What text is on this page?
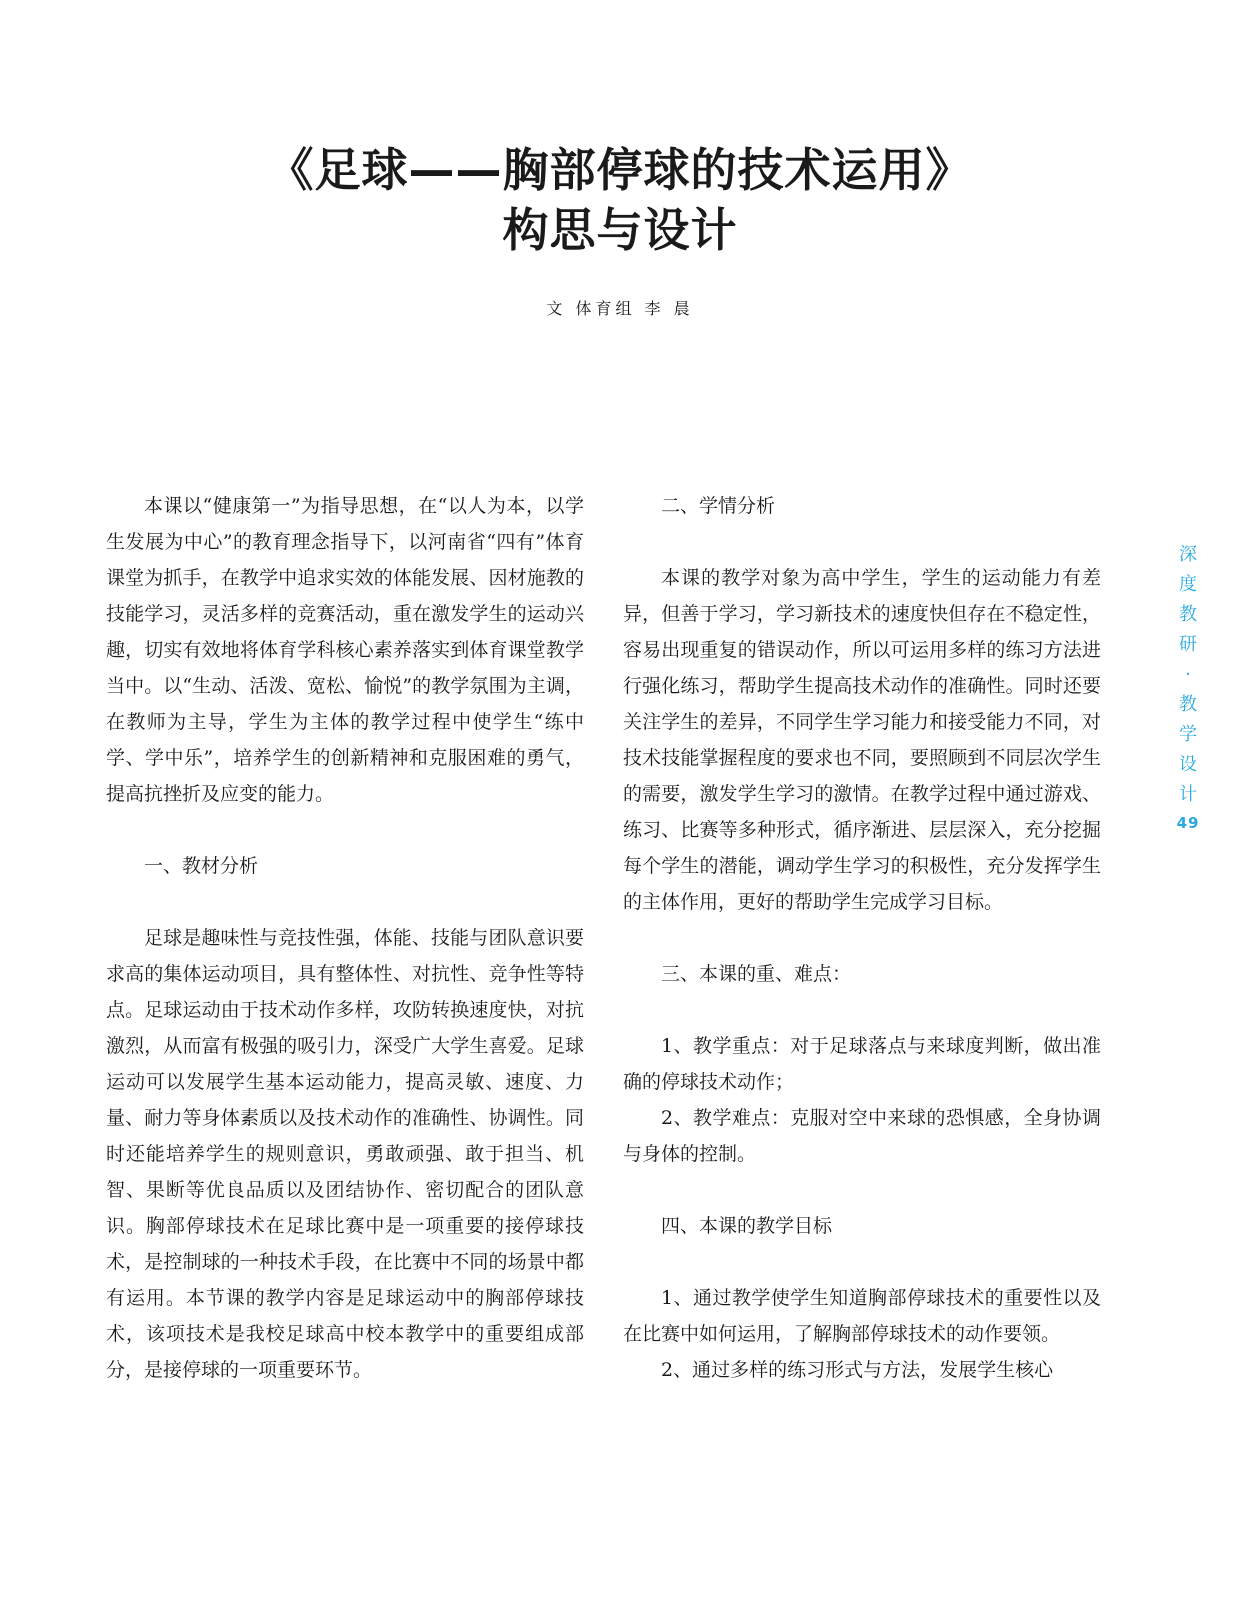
《足球——胸部停球的技术运用》
构思与设计
文 体育组 李 晨

本课以“健康第一”为指导思想，在“以人为本，以学生发展为中心”的教育理念指导下，以河南省“四有”体育课堂为抓手，在教学中追求实效的体能发展、因材施教的技能学习，灵活多样的竞赛活动，重在激发学生的运动兴趣，切实有效地将体育学科核心素养落实到体育课堂教学当中。以“生动、活泼、宽松、愉悦”的教学氛围为主调，在教师为主导，学生为主体的教学过程中使学生“练中学、学中乐”，培养学生的创新精神和克服困难的勇气，提高抗挫折及应变的能力。

一、教材分析

足球是趣味性与竞技性强，体能、技能与团队意识要求高的集体运动项目，具有整体性、对抗性、竞争性等特点。足球运动由于技术动作多样，攻防转换速度快，对抗激烈，从而富有极强的吸引力，深受广大学生喜爱。足球运动可以发展学生基本运动能力，提高灵敏、速度、力量、耐力等身体素质以及技术动作的准确性、协调性。同时还能培养学生的规则意识，勇敢顽强、敢于担当、机智、果断等优良品质以及团结协作、密切配合的团队意识。胸部停球技术在足球比赛中是一项重要的接停球技术，是控制球的一种技术手段，在比赛中不同的场景中都有运用。本节课的教学内容是足球运动中的胸部停球技术，该项技术是我校足球高中校本教学中的重要组成部分，是接停球的一项重要环节。

二、学情分析

本课的教学对象为高中学生，学生的运动能力有差异，但善于学习，学习新技术的速度快但存在不稳定性，容易出现重复的错误动作，所以可运用多样的练习方法进行强化练习，帮助学生提高技术动作的准确性。同时还要关注学生的差异，不同学生学习能力和接受能力不同，对技术技能掌握程度的要求也不同，要照顾到不同层次学生的需要，激发学生学习的激情。在教学过程中通过游戏、练习、比赛等多种形式，循序渐进、层层深入，充分挖掘每个学生的潜能，调动学生学习的积极性，充分发挥学生的主体作用，更好的帮助学生完成学习目标。

三、本课的重、难点：

1、教学重点：对于足球落点与来球度判断，做出准确的停球技术动作；

2、教学难点：克服对空中来球的恐惧感，全身协调与身体的控制。

四、本课的教学目标

1、通过教学使学生知道胸部停球技术的重要性以及在比赛中如何运用，了解胸部停球技术的动作要领。

2、通过多样的练习形式与方法，发展学生核心

深
度
教
研
·
教
学
设
计
49
